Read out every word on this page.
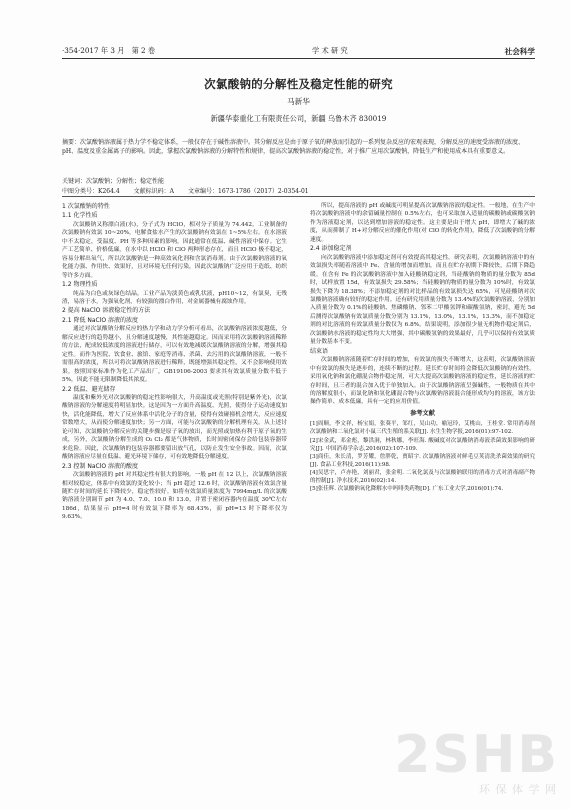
·354·2017 年 3 月　第 2 卷	学 术 研 究	社会科学
次氯酸钠的分解性及稳定性能的研究
马新华
新疆华泰重化工有限责任公司，新疆 乌鲁木齐 830019
摘要：次氯酸钠溶液属于热力学不稳定体系，一般仅存在于碱性溶液中。其分解反应是由于原子氧的释放而引起的一系列复杂反应的宏观表现，分解反应的速度受溶液的浓度、pH、温度及重金属离子的影响。因此，掌握次氯酸钠溶液的分解特性和规律，提高次氯酸钠溶液的稳定性，对于推广应用次氯酸钠，降低生产和使用成本具有重要意义。
关键词：次氯酸钠；分解性；稳定性能
中图分类号：K264.4 文献标识码：A 文章编号：1673-1786（2017）2-0354-01
1 次氯酸钠的特性
1.1 化学性质

次氯酸钠又称漂白液(水)，分子式为 HClO，相对分子质量为 74.442。工业制备的次氯酸钠有效氯 10~20%，电解食盐水产生的次氯酸钠有效氯在 1~5%左右。在水溶液中不太稳定，受温度、PH 等多种因素的影响，因此通常在低温、碱性溶液中保存。它生产工艺简单、价格低廉，在水中以 HClO 和 ClO 两种形态存在，而且 HClO 极不稳定，容易分解出氧气，所以次氯酸钠是一种高效氧化剂和含氯消毒剂。由于次氯酸钠溶液的氧化能力强、作用快、效果好，且对环境无任何污染，因此次氯酸钠广泛应用于造纸、纺织等许多方面。

1.2 物理性质

纯品为白色或灰绿色结晶，工业产品为淡黄色或乳状液，pH10~12，有氯臭，无残渣，易溶于水，为强氧化剂，有较强的漂白作用，对金属器械有腐蚀作用。

2 提高 NaClO 溶液稳定性的方法
2.1 降低 NaClO 溶液的浓度

通过对次氯酸钠分解反应的热力学和动力学分析可看出，次氯酸钠溶液浓度越低，分解反应进行的趋势越小，且分解速度越慢，其性能越稳定。因而采用将次氯酸钠溶液稀释的方法，配成较低浓度的溶液进行储存，可以有效地减缓次氯酸钠溶液的分解，增强其稳定性。而作为医院、饮食业、旅馆、家庭等消毒、杀菌、去污用的次氯酸钠溶液，一般不需很高的浓度，所以可将次氯酸钠溶液进行稀释，既能增强其稳定性，又不会影响使用效果。按照国家标准作为化工产品出厂，GB19106-2003 要求其有效氯质量分数不低于 5%，因此不能无限制降低其浓度。

2.2 低温、避光储存

温度和紫外光对次氯酸钠的稳定性影响很大，升高温度或光照(特别是紫外光)，次氯酸钠溶液的分解速度将明显加快。这是因为一方面升高温度、光照，使得分子运动速度加快，活化能降低，增大了反应体系中活化分子的含量，使得有效碰撞机会增大，反应速度常数增大，从而使分解速度加快；另一方面，可能与次氯酸钠的分解机理有关。从上述讨论可知，次氯酸钠分解反应的关键步骤是原子氧的放出，而光照或加热有利于原子氧的生成，另外，次氯酸钠分解生成的 O₂ Cl₂ 都是气体物质，长时间密闭保存会给包装容器带来危险。因此，次氯酸钠的包装容器都要留出放气孔，以防止发生安全事故。因而，次氯酸钠溶液应尽量在低温、避光环境下储存，可有效地降低分解速度。

2.3 控制 NaClO 溶液的酸度

次氯酸钠溶液的 pH 对其稳定性有很大的影响。一般 pH 在 12 以上，次氯酸钠溶液相对较稳定，体系中有效氯的变化较小；当 pH 超过 12.6 时，次氯酸钠溶液有效氯含量随贮存时间的延长下降较少，稳定性较好。如将有效氯质量浓度为 7994mg/L 的次氯酸钠溶液分别调节 pH 为 4.0、7.0、10.0 和 13.0，并置于密闭容器内在温度 30℃左右 186d，结果显示 pH=4 时有效氯下降率为 68.43%，而 pH=13 时下降率仅为 9.63%。

所以，提高溶液的 pH 或碱度可明显提高次氯酸钠溶液的稳定性。一般地，在生产中将次氯酸钠溶液中的余留碱量控制在 0.5%左右，也可采取加入适量的碳酸钠或碳酸氢钠作为溶液稳定剂，以达到增加溶液的稳定性。这主要是由于增大 pH，即增大了碱的浓度，从而抑制了 H+对分解反应的催化作用(对 ClO 的转化作用)，降低了次氯酸钠的分解速度。

2.4 添加稳定剂

向次氯酸钠溶液中添加稳定剂可有效提高其稳定性。研究表明，次氯酸钠溶液中的有效氯损失率随着溶液中 Fe、含量的增加而增加，而且在贮存初期下降较快，后期下降趋缓。在含有 Fe 的次氯酸钠溶液中加入硅酸钠稳定剂，当硅酸钠的物质的量分数为 85d时，试样放置 15d，有效氯损失 29.58%；当硅酸钠的物质的量分数为 10%时，有效氯损失下降为 18.38%；不添加稳定剂的对比样品的有效氯损失达 65%，可见硅酸钠对次氯酸钠溶液确有较好的稳定作用。还有研究用质量分数为 13.4%的次氯酸钠溶液，分别加入质量分数为 0.1%的硅酸钠、焦磷酸钠、邻苯二甲酸氢钾和碳酸氢钠，密封，避光 5d 后测得次氯酸钠有效氯质量分数分别为 13.1%，13.0%，13.1%，13.3%，而不加稳定剂的对比溶液的有效氯质量分数仅为 6.8%。结果说明，添加很少量无机物作稳定剂后，次氯酸钠水溶液的稳定性均大大增强，其中碳酸氢钠的效果最好，几乎可以保持有效氯质量分数基本不变。

结束语

次氯酸钠溶液随着贮存时间的增加，有效氯的损失不断增大，这表明，次氯酸钠溶液中有效氯的损失是逐步的，连续不断的过程。延长贮存时间将会降低次氯酸钠的有效性。采用氧化钠和氯化硼混合物作稳定剂，可大大提高次氯酸钠溶液的稳定性，延长溶液的贮存时间，且三者的混合加入优于单独加入。由于次氯酸钠溶液呈强碱性，一般物质在其中的溶解度很小，而氯化钠和氢化硼混合物与次氯酸钠溶液混合能形成均匀的溶液，该方法操作简单、成本低廉，具有一定的应用价值。

参考文献
[1]周顺，李文祥，杨宝娟，张葵平，邹红，吴山功，喻冠玲，艾桃山，王桂堂. 常用消毒剂次氯酸钠和二氧化氯对小鼠三代生殖的系关联[J]. 水生生物学报,2016(01):97-102.
[2]宋金武，邓金彪，黎洪洞，林秋娜，李旺海. 酸碱度对次氯酸钠消毒液杀菌效果影响的研究[J]. 中国消毒学杂志,2016(02):107-109.
[3]商佳，朱长清，罗芳耀，詹胖乾，贾昭宇. 次氯酸钠溶液对鲜毛豆荚清洗杀菌效果的研究[J]. 食品工业科技,2016(11):98.
[4]吴思宇，卢亦艳，刘丽君，张金明. 二氧化氯及与次氯酸钠联用的消毒方式对消毒副产物的控制[J]. 净水技术,2016(02):14.
[5]张佳辉. 次氯酸钠氧化降解水中吗啡类药物[D]. 广东工业大学,2016(01):74.
2SHB
环 保 体 学 网
